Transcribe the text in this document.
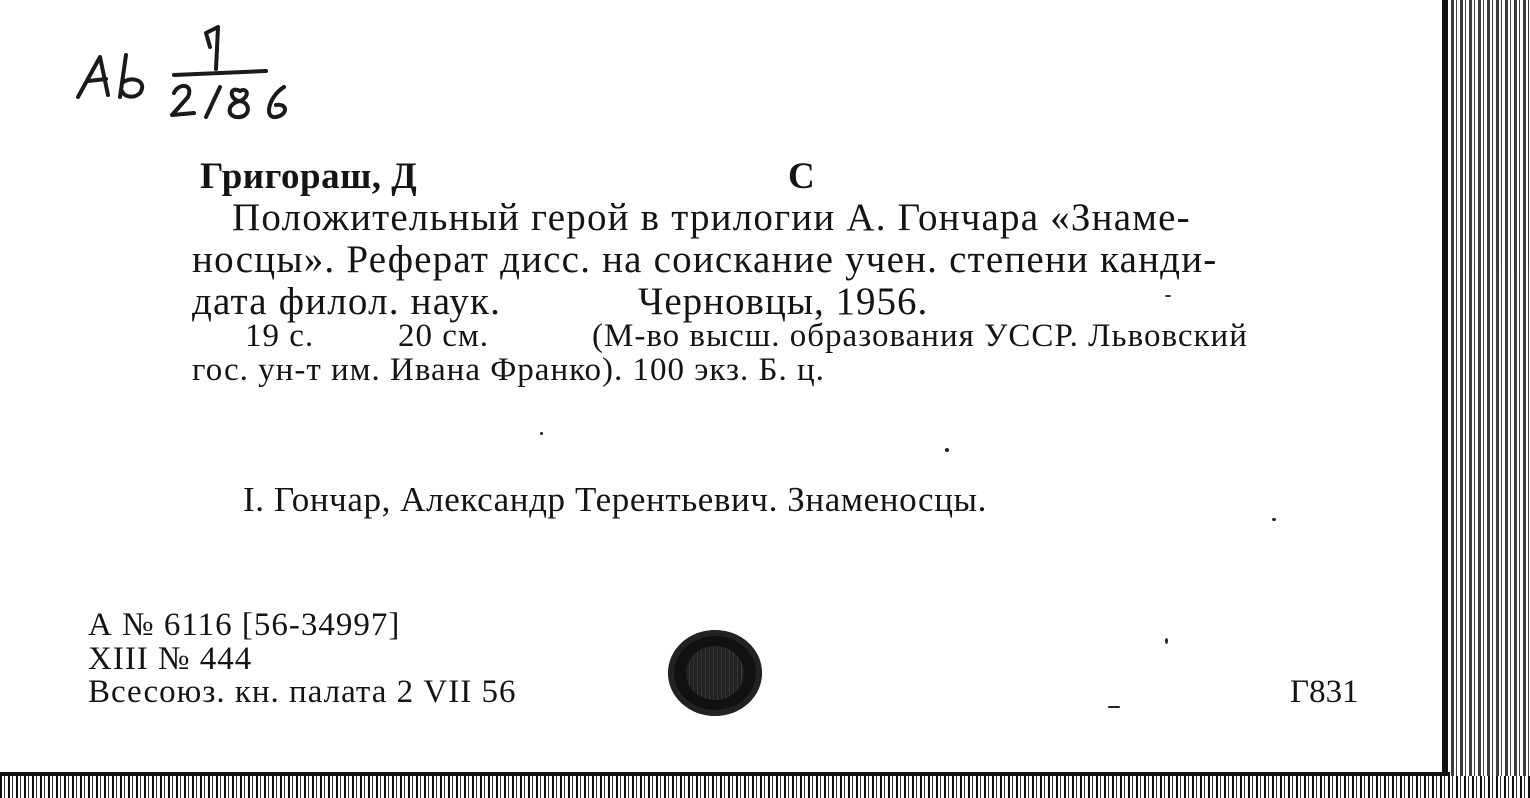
Григораш, Д	С
Положительный герой в трилогии А. Гончара «Знаме-
носцы». Реферат дисс. на соискание учен. степени канди-
дата филол. наук.	Черновцы, 1956.
19 с.	20 см.	(М-во высш. образования УССР. Львовский
гос. ун-т им. Ивана Франко). 100 экз. Б. ц.
I. Гончар, Александр Терентьевич. Знаменосцы.
А № 6116 [56-34997]
XIII № 444
Всесоюз. кн. палата 2 VII 56	Г831
